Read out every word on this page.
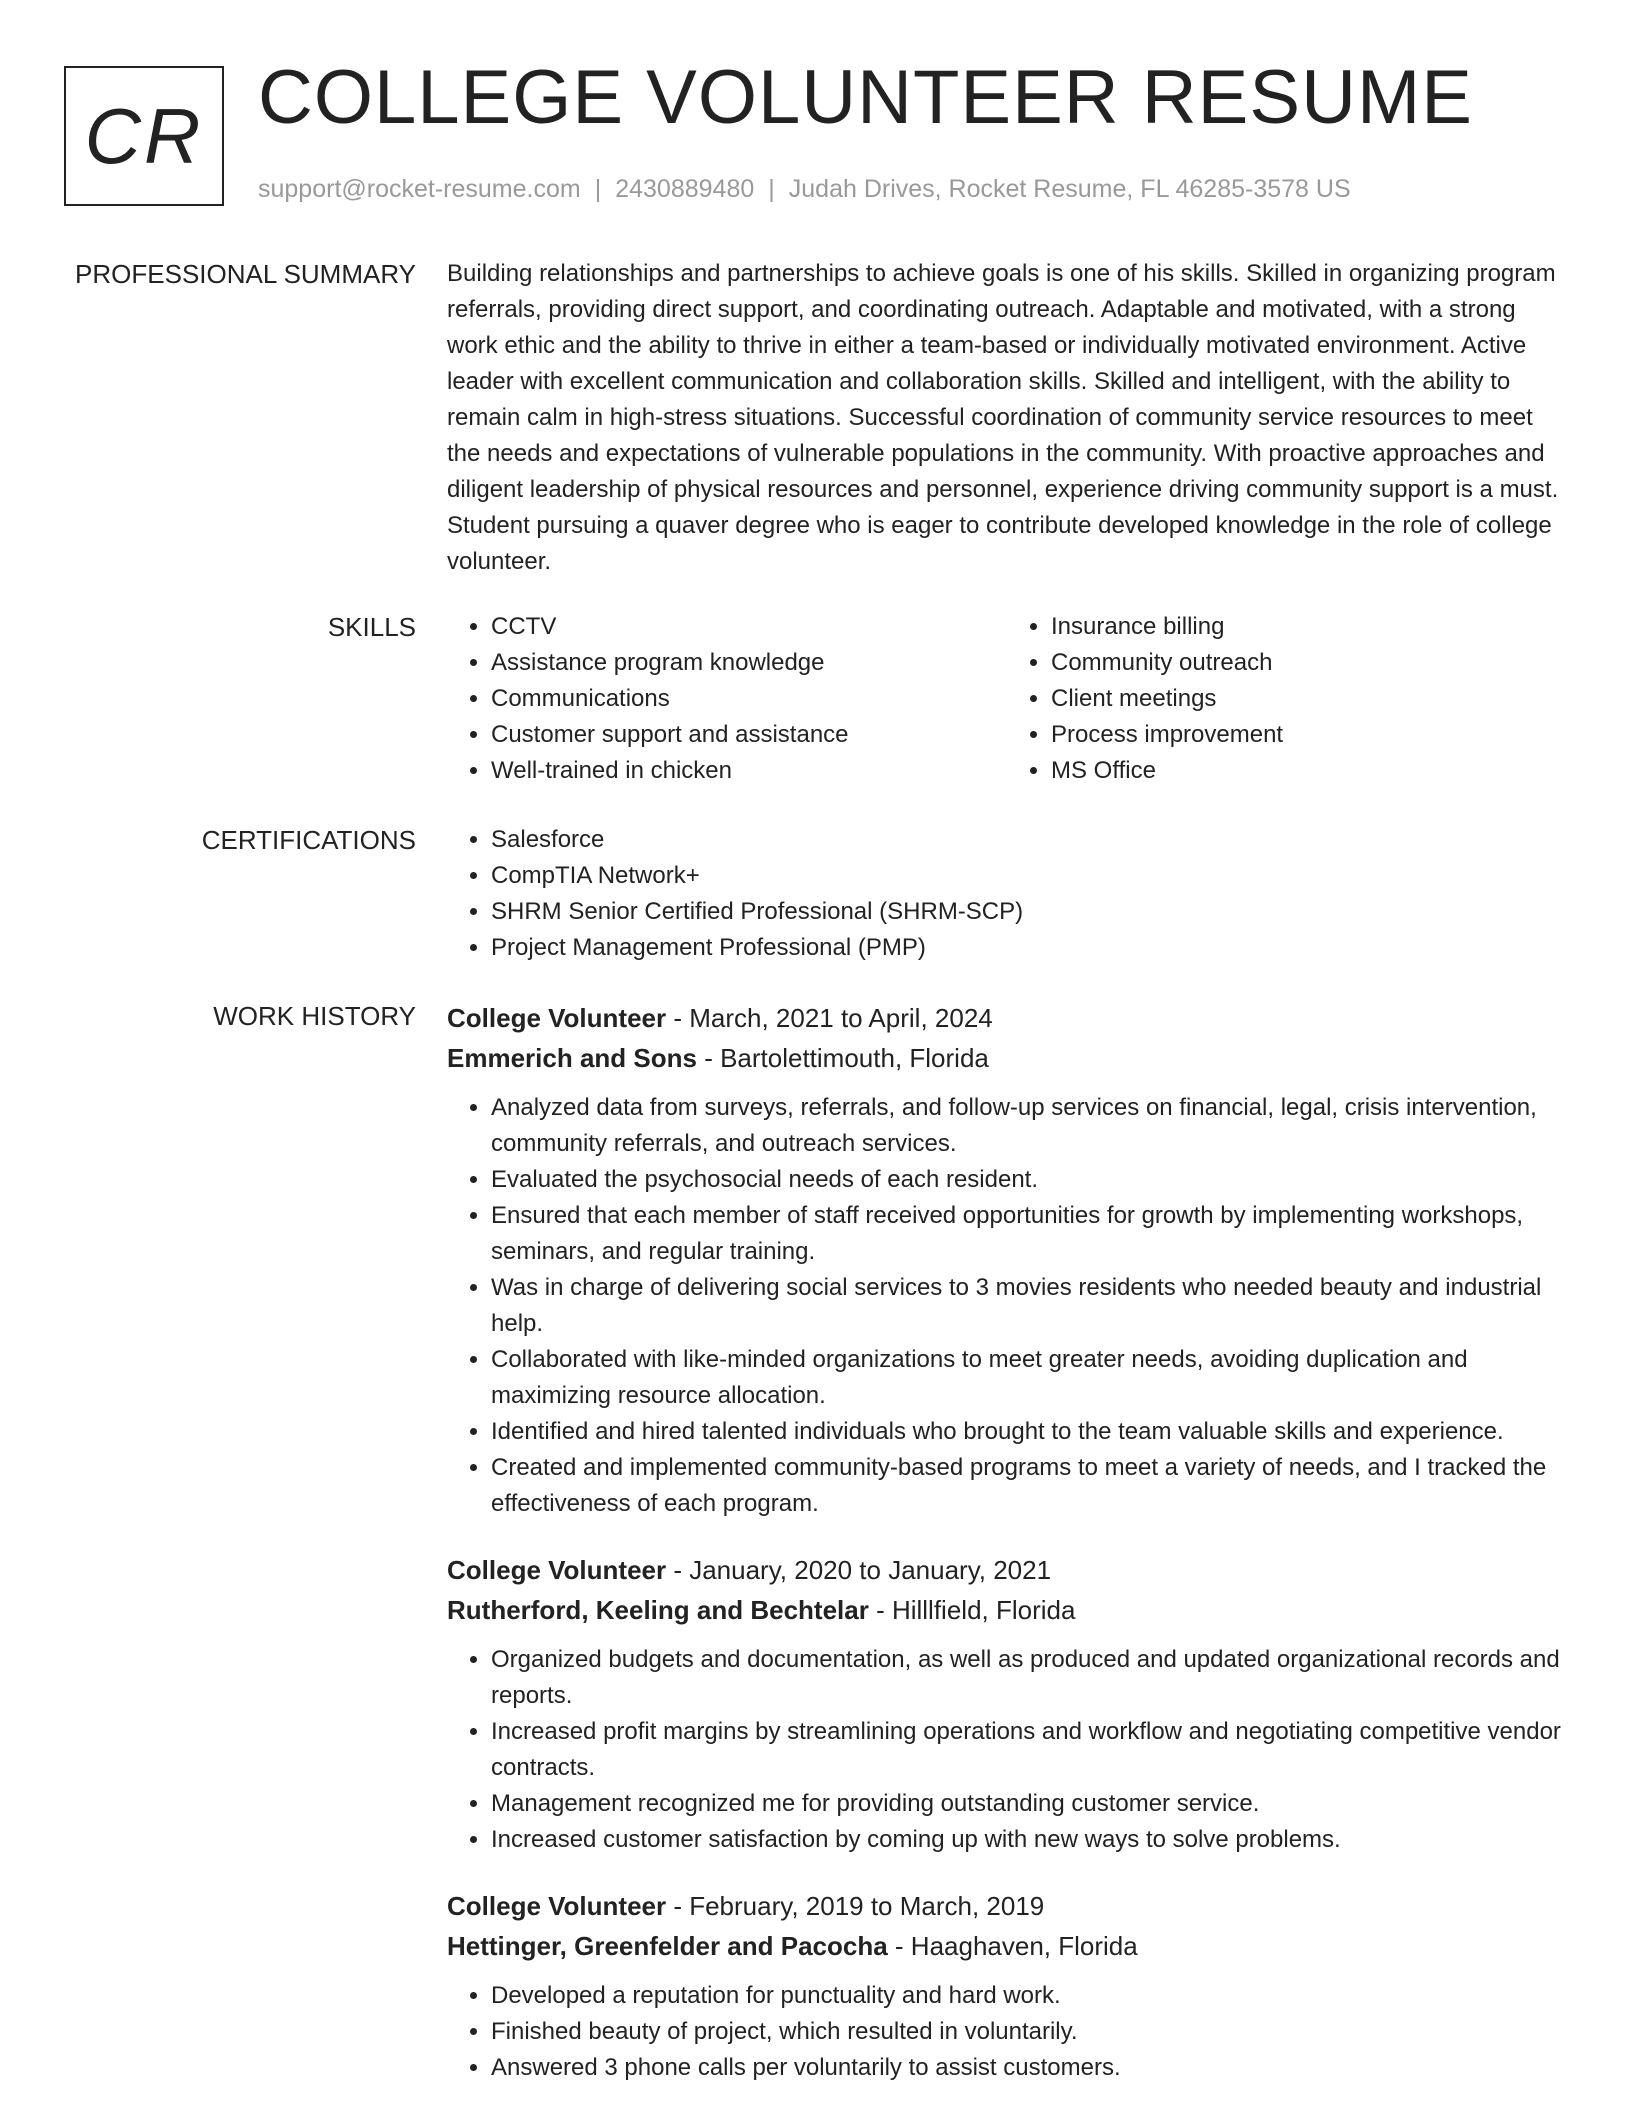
CR COLLEGE VOLUNTEER RESUME
support@rocket-resume.com | 2430889480 | Judah Drives, Rocket Resume, FL 46285-3578 US
PROFESSIONAL SUMMARY Building relationships and partnerships to achieve goals is one of his skills. Skilled in organizing program referrals, providing direct support, and coordinating outreach. Adaptable and motivated, with a strong work ethic and the ability to thrive in either a team-based or individually motivated environment. Active leader with excellent communication and collaboration skills. Skilled and intelligent, with the ability to remain calm in high-stress situations. Successful coordination of community service resources to meet the needs and expectations of vulnerable populations in the community. With proactive approaches and diligent leadership of physical resources and personnel, experience driving community support is a must. Student pursuing a quaver degree who is eager to contribute developed knowledge in the role of college volunteer.

SKILLS	• CCTV
• Assistance program knowledge
• Communications
• Customer support and assistance
• Well-trained in chicken
• Insurance billing
• Community outreach
• Client meetings
• Process improvement
• MS Office
CERTIFICATIONS	• Salesforce
• CompTIA Network+
• SHRM Senior Certified Professional (SHRM-SCP)
• Project Management Professional (PMP)
WORK HISTORY College Volunteer - March, 2021 to April, 2024
Emmerich and Sons - Bartolettimouth, Florida
• Analyzed data from surveys, referrals, and follow-up services on financial, legal, crisis intervention, community referrals, and outreach services.
• Evaluated the psychosocial needs of each resident.
• Ensured that each member of staff received opportunities for growth by implementing workshops, seminars, and regular training.
• Was in charge of delivering social services to 3 movies residents who needed beauty and industrial help.
• Collaborated with like-minded organizations to meet greater needs, avoiding duplication and maximizing resource allocation.
• Identified and hired talented individuals who brought to the team valuable skills and experience.
• Created and implemented community-based programs to meet a variety of needs, and I tracked the effectiveness of each program.
College Volunteer - January, 2020 to January, 2021
Rutherford, Keeling and Bechtelar - Hilllfield, Florida
• Organized budgets and documentation, as well as produced and updated organizational records and reports.
• Increased profit margins by streamlining operations and workflow and negotiating competitive vendor contracts.
• Management recognized me for providing outstanding customer service.
• Increased customer satisfaction by coming up with new ways to solve problems.
College Volunteer - February, 2019 to March, 2019
Hettinger, Greenfelder and Pacocha - Haaghaven, Florida
• Developed a reputation for punctuality and hard work.
• Finished beauty of project, which resulted in voluntarily.
• Answered 3 phone calls per voluntarily to assist customers.
